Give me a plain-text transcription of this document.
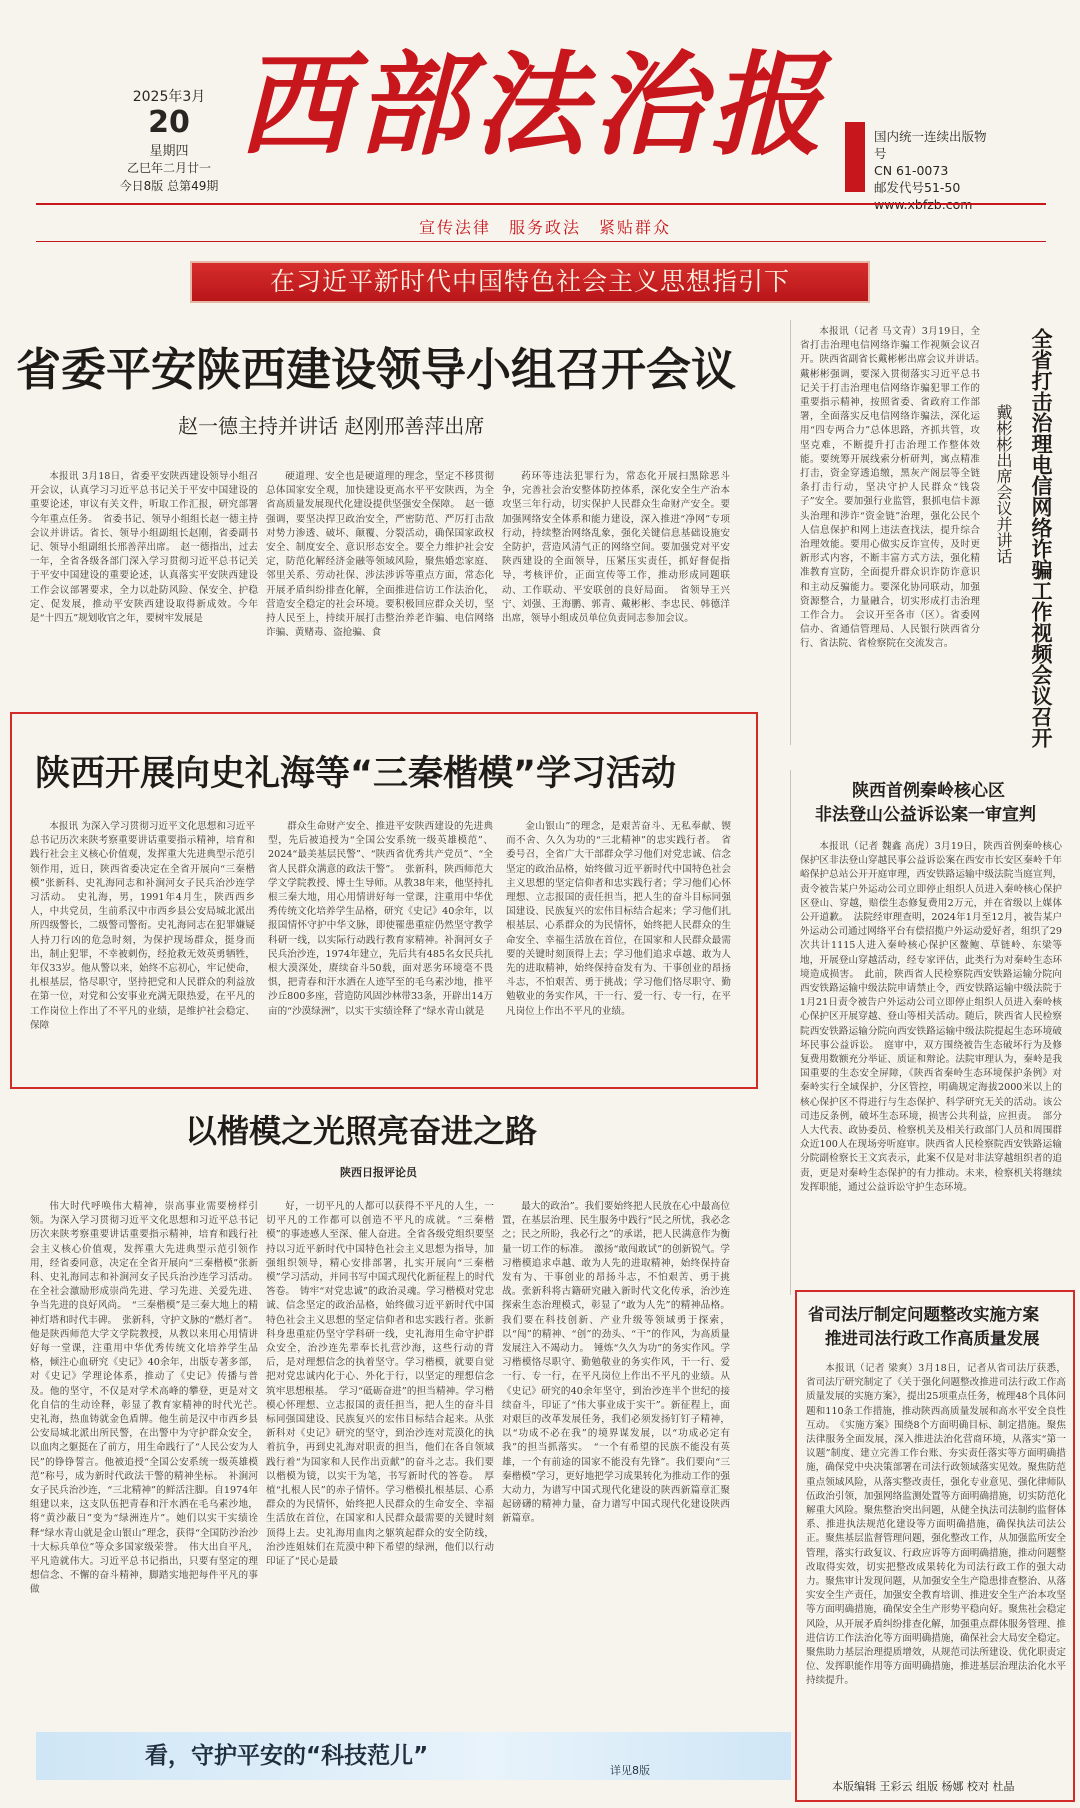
2025年3月
20
星期四
乙巳年二月廿一
今日8版 总第49期
西部法治报	国内统一连续出版物号
CN 61-0073
邮发代号51-50
宣传法律　服务政法　紧贴群众
在习近平新时代中国特色社会主义思想指引下
省委平安陕西建设领导小组召开会议
赵一德主持并讲话 赵刚邢善萍出席

本报讯 3月18日，省委平安陕西建设领导小组召开会议，认真学习习近平总书记关于平安中国建设的重要论述，审议有关文件，听取工作汇报，研究部署今年重点任务。　省委书记、领导小组组长赵一德主持会议并讲话。省长、领导小组副组长赵刚，省委副书记、领导小组副组长邢善萍出席。　赵一德指出，过去一年，全省各级各部门深入学习贯彻习近平总书记关于平安中国建设的重要论述，认真落实平安陕西建设工作会议部署要求，全力以赴防风险、保安全、护稳定、促发展，推动平安陕西建设取得新成效。今年是“十四五”规划收官之年，要树牢发展是

硬道理、安全也是硬道理的理念，坚定不移贯彻总体国家安全观，加快建设更高水平平安陕西，为全省高质量发展现代化建设提供坚强安全保障。　赵一德强调，要坚决捍卫政治安全，严密防范、严厉打击敌对势力渗透、破坏、颠覆、分裂活动，确保国家政权安全、制度安全、意识形态安全。要全力维护社会安定，防范化解经济金融等领域风险，聚焦婚恋家庭、邻里关系、劳动社保、涉法涉诉等重点方面，常态化开展矛盾纠纷排查化解，全面推进信访工作法治化，营造安全稳定的社会环境。要积极回应群众关切，坚持人民至上，持续开展打击整治养老诈骗、电信网络诈骗、黄赌毒、盗抢骗、食

药环等违法犯罪行为，常态化开展扫黑除恶斗争，完善社会治安整体防控体系，深化安全生产治本攻坚三年行动，切实保护人民群众生命财产安全。要加强网络安全体系和能力建设，深入推进“净网”专项行动，持续整治网络乱象，强化关键信息基础设施安全防护，营造风清气正的网络空间。要加强党对平安陕西建设的全面领导，压紧压实责任，抓好督促指导，考核评价，正面宣传等工作，推动形成同题联动、工作联动、平安联创的良好局面。　省领导王兴宁、刘强、王海鹏、郭青、戴彬彬、李忠民、韩德洋出席，领导小组成员单位负责同志参加会议。

本报讯（记者 马文青）3月19日，全省打击治理电信网络诈骗工作视频会议召开。陕西省副省长戴彬彬出席会议并讲话。　戴彬彬强调，要深入贯彻落实习近平总书记关于打击治理电信网络诈骗犯罪工作的重要指示精神，按照省委、省政府工作部署，全面落实反电信网络诈骗法，深化运用“四专两合力”总体思路，齐抓共管，攻坚克难，不断提升打击治理工作整体效能。要统筹开展线索分析研判，寓点精准打击，资金穿透追缴，黑灰产阁层等全链条打击行动，坚决守护人民群众“钱袋子”安全。要加强行业监管，狠抓电信卡源头治理和涉诈“资金链”治理，强化公民个人信息保护和网上违法查找法，提升综合治理效能。要用心做实反诈宣传，及时更新形式内容，不断丰富方式方法，强化精准教育宣防，全面提升群众识诈防诈意识和主动反骗能力。要深化协同联动，加强资源整合，力量融合，切实形成打击治理工作合力。　会议开至各市（区）。省委网信办、省通信管理局、人民银行陕西省分行、省法院、省检察院在交流发言。	全省打击治理电信网络诈骗工作视频会议召开
戴彬彬出席会议并讲话
陕西开展向史礼海等“三秦楷模”学习活动

本报讯 为深入学习贯彻习近平文化思想和习近平总书记历次来陕考察重要讲话重要指示精神，培育和践行社会主义核心价值观，发挥重大先进典型示范引领作用，近日，陕西省委决定在全省开展向“三秦楷模”张新科、史礼海同志和补涧河女子民兵治沙连学习活动。　史礼海，男，1991年4月生，陕西西乡人，中共党员，生前系汉中市西乡县公安局城北派出所四级警长，二级警司警衔。史礼海同志在犯罪嫌疑人持刀行凶的危急时刻，为保护现场群众，挺身而出，制止犯罪，不幸被刺伤，经抢救无效英勇牺牲，年仅33岁。他从警以来，始终不忘初心，牢记使命，扎根基层，恪尽职守，坚持把党和人民群众的利益放在第一位，对党和公安事业充满无限热爱，在平凡的工作岗位上作出了不平凡的业绩，是维护社会稳定、保障

群众生命财产安全、推进平安陕西建设的先进典型，先后被追授为“全国公安系统一级英雄模范”、2024“最美基层民警”、“陕西省优秀共产党员”、“全省人民群众满意的政法干警”。　张新科，陕西师范大学文学院教授、博士生导师。从教38年来，他坚持扎根三秦大地，用心用情讲好每一堂课，注重用中华优秀传统文化培养学生品格，研究《史记》40余年，以报国情怀守护中华文脉，即使罹患重症仍然坚守教学科研一线，以实际行动践行教育家精神。补涧河女子民兵治沙连，1974年建立，先后共有485名女民兵扎根大漠深处，赓续奋斗50载，面对恶劣环境毫不畏惧，把青春和汗水洒在人迹罕至的毛乌素沙地，推平沙丘800多座，营造防风固沙林带33条，开辟出14万亩的“沙漠绿洲”，以实干实绩诠释了“绿水青山就是

金山银山”的理念，是艰苦奋斗、无私奉献、锲而不舍、久久为功的“三北精神”的忠实践行者。　省委号召，全省广大干部群众学习他们对党忠诚、信念坚定的政治品格，始终做习近平新时代中国特色社会主义思想的坚定信仰者和忠实践行者；学习他们心怀理想、立志报国的责任担当，把人生的奋斗目标同强国建设、民族复兴的宏伟目标结合起来；学习他们扎根基层、心系群众的为民情怀，始终把人民群众的生命安全、幸福生活放在首位，在国家和人民群众最需要的关键时刻顶得上去；学习他们追求卓越、敢为人先的进取精神，始终保持奋发有为、干事创业的昂扬斗志，不怕艰苦、勇于挑战；学习他们恪尽职守、勤勉敬业的务实作风，干一行、爱一行、专一行，在平凡岗位上作出不平凡的业绩。

以楷模之光照亮奋进之路
陕西日报评论员

伟大时代呼唤伟大精神，崇高事业需要榜样引领。为深入学习贯彻习近平文化思想和习近平总书记历次来陕考察重要讲话重要指示精神，培育和践行社会主义核心价值观，发挥重大先进典型示范引领作用，经省委同意，决定在全省开展向“三秦楷模”张新科、史礼海同志和补涧河女子民兵治沙连学习活动。在全社会激励形成崇尚先进、学习先进、关爱先进、争当先进的良好风尚。　“三秦楷模”是三秦大地上的精神灯塔和时代丰碑。　张新科，守护文脉的“燃灯者”。他是陕西师范大学文学院教授，从教以来用心用情讲好每一堂课，注重用中华优秀传统文化培养学生品格，倾注心血研究《史记》40余年，出版专著多部，对《史记》学理论体系，推动了《史记》传播与普及。他的坚守，不仅是对学术高峰的攀登，更是对文化自信的生动诠释，彰显了教育家精神的时代光芒。　史礼海，热血铸就金色盾牌。他生前是汉中市西乡县公安局城北派出所民警，在出警中为守护群众安全，以血肉之躯挺在了前方，用生命践行了“人民公安为人民”的铮铮誓言。他被追授“全国公安系统一级英雄模范”称号，成为新时代政法干警的精神坐标。　补涧河女子民兵治沙连，“三北精神”的鲜活注脚。自1974年组建以来，这支队伍把青春和汗水洒在毛乌素沙地，将“黄沙蔽日”变为“绿洲连片”。她们以实干实绩诠释“绿水青山就是金山银山”理念，获得“全国防沙治沙十大标兵单位”等众多国家级荣誉。　伟大出自平凡，平凡造就伟大。习近平总书记指出，只要有坚定的理想信念、不懈的奋斗精神，脚踏实地把每件平凡的事做

好，一切平凡的人都可以获得不平凡的人生，一切平凡的工作都可以创造不平凡的成就。“三秦楷模”的事迹感人至深、催人奋进。全省各级党组织要坚持以习近平新时代中国特色社会主义思想为指导，加强组织领导，精心安排部署，扎实开展向“三秦楷模”学习活动，并同书写中国式现代化新征程上的时代答卷。　铸牢“对党忠诚”的政治灵魂。学习楷模对党忠诚、信念坚定的政治品格，始终做习近平新时代中国特色社会主义思想的坚定信仰者和忠实践行者。张新科身患重症仍坚守学科研一线，史礼海用生命守护群众安全，治沙连先辈奉长扎营沙海，这些行动的背后，是对理想信念的执着坚守。学习楷模，就要自觉把对党忠诚内化于心、外化于行，以坚定的理想信念筑牢思想根基。　学习“砥砺奋进”的担当精神。学习楷模心怀理想、立志报国的责任担当，把人生的奋斗目标同强国建设、民族复兴的宏伟目标结合起来。从张新科对《史记》研究的坚守，到治沙连对荒漠化的执着抗争，再到史礼海对职责的担当，他们在各自领域践行着“为国家和人民作出贡献”的奋斗之志。我们要以楷模为镜，以实干为笔，书写新时代的答卷。　厚植“扎根人民”的赤子情怀。学习楷模扎根基层、心系群众的为民情怀，始终把人民群众的生命安全、幸福生活放在首位，在国家和人民群众最需要的关键时刻顶得上去。史礼海用血肉之躯筑起群众的安全防线，治沙连姐妹们在荒漠中种下希望的绿洲，他们以行动印证了“民心是最

最大的政治”。我们要始终把人民放在心中最高位置，在基层治理、民生服务中践行“民之所忧，我必念之；民之所盼，我必行之”的承诺，把人民满意作为衡量一切工作的标准。　激扬“敢闯敢试”的创新锐气。学习楷模追求卓越、敢为人先的进取精神，始终保持奋发有为、干事创业的昂扬斗志，不怕艰苦、勇于挑战。张新科将古籍研究融入新时代文化传承，治沙连探索生态治理模式，彰显了“敢为人先”的精神品格。我们要在科技创新、产业升级等领域勇于探索，以“闯”的精神、“创”的劲头、“干”的作风，为高质量发展注入不竭动力。　锤炼“久久为功”的务实作风。学习楷模恪尽职守、勤勉敬业的务实作风，干一行、爱一行、专一行，在平凡岗位上作出不平凡的业绩。从《史记》研究的40余年坚守，到治沙连半个世纪的接续奋斗，印证了“伟大事业成于实干”。新征程上，面对艰巨的改革发展任务，我们必须发扬钉钉子精神，以“功成不必在我”的境界谋发展，以“功成必定有我”的担当抓落实。　“一个有希望的民族不能没有英雄，一个有前途的国家不能没有先锋”。我们要向“三秦楷模”学习，更好地把学习成果转化为推动工作的强大动力，为谱写中国式现代化建设的陕西新篇章汇聚起磅礴的精神力量，奋力谱写中国式现代化建设陕西新篇章。

陕西首例秦岭核心区
非法登山公益诉讼案一审宣判

本报讯（记者 魏鑫 高虎）3月19日，陕西首例秦岭核心保护区非法登山穿越民事公益诉讼案在西安市长安区秦岭千年峪保护总站公开开庭审理，西安铁路运输中级法院当庭宣判，责令被告某户外运动公司立即停止组织人员进入秦岭核心保护区登山、穿越，赔偿生态修复费用2万元，并在省级以上媒体公开道歉。　法院经审理查明，2024年1月至12月，被告某户外运动公司通过网络平台有偿招揽户外运动爱好者，组织了29次共计1115人进入秦岭核心保护区鳌鲍、草链岭、东梁等地，开展登山穿越活动，经专家评估，此类行为对秦岭生态环境造成损害。　此前，陕西省人民检察院西安铁路运输分院向西安铁路运输中级法院申请禁止令，西安铁路运输中级法院于1月21日责令被告户外运动公司立即停止组织人员进入秦岭核心保护区开展穿越、登山等相关活动。随后，陕西省人民检察院西安铁路运输分院向西安铁路运输中级法院提起生态环境破坏民事公益诉讼。　庭审中，双方围绕被告生态破坏行为及修复费用数额充分举证、质证和辩论。法院审理认为，秦岭是我国重要的生态安全屏障，《陕西省秦岭生态环境保护条例》对秦岭实行全域保护，分区管控，明确规定海拔2000米以上的核心保护区不得进行与生态保护、科学研究无关的活动。该公司违反条例，破坏生态环境，损害公共利益，应担责。　部分人大代表、政协委员、检察机关及相关行政部门人员和周围群众近100人在现场旁听庭审。陕西省人民检察院西安铁路运输分院副检察长王文宾表示，此案不仅是对非法穿越组织者的追责，更是对秦岭生态保护的有力推动。未来，检察机关将继续发挥职能，通过公益诉讼守护生态环境。

省司法厅制定问题整改实施方案
推进司法行政工作高质量发展

本报讯（记者 梁爽）3月18日，记者从省司法厅获悉，省司法厅研究制定了《关于强化问题整改推进司法行政工作高质量发展的实施方案》，提出25项重点任务，梳理48个具体问题和110条工作措施，推动陕西高质量发展和高水平安全良性互动。　《实施方案》围绕8个方面明确目标、制定措施。聚焦法律服务全面发展，深入推进法治化营商环境，从落实“第一议题”制度、建立完善工作台账、夯实责任落实等方面明确措施，确保党中央决策部署在司法行政领域落实见效。聚焦防范重点领域风险，从落实整改责任，强化专业意见、强化律师队伍政治引领，加强网络监测处置等方面明确措施，切实防范化解重大风险。聚焦整治突出问题，从健全执法司法制约监督体系、推进执法规范化建设等方面明确措施，确保执法司法公正。聚焦基层监督管理问题，强化整改工作，从加强监所安全管理，落实行政复议、行政应诉等方面明确措施，推动问题整改取得实效，切实把整改成果转化为司法行政工作的强大动力。聚焦审计发现问题，从加强安全生产隐患排查整治、从落实安全生产责任，加强安全教育培训、推进安全生产治本攻坚等方面明确措施，确保安全生产形势平稳向好。聚焦社会稳定风险，从开展矛盾纠纷排查化解，加强重点群体服务管理、推进信访工作法治化等方面明确措施，确保社会大局安全稳定。聚焦助力基层治理提质增效，从规范司法所建设、优化职责定位、发挥职能作用等方面明确措施，推进基层治理法治化水平持续提升。

本版编辑 王彩云 组版 杨娜 校对 杜晶
看，守护平安的“科技范儿”
详见8版
